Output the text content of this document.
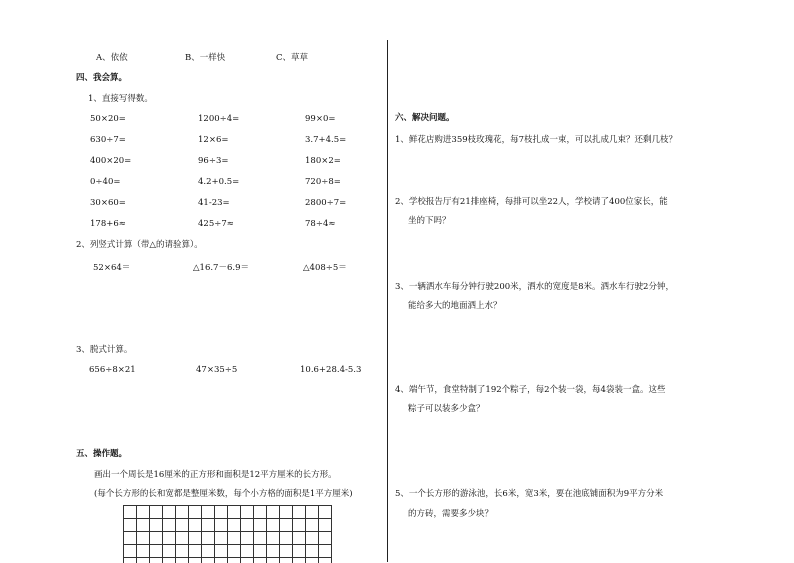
A、依依	B、一样快	C、草草
四、我会算。
1、直接写得数。
50×20=	1200÷4=	99×0=
630÷7=	12×6=	3.7+4.5=
400×20=	96÷3=	180×2=
0÷40=	4.2+0.5=	720÷8=
30×60=	41-23=	2800÷7=
178+6≈	425÷7≈	78÷4≈
2、列竖式计算（带△的请验算）。
52×64＝	△16.7－6.9＝	△408÷5＝
3、脱式计算。
656÷8×21	47×35÷5	10.6+28.4-5.3
五、操作题。
画出一个周长是16厘米的正方形和面积是12平方厘米的长方形。
(每个长方形的长和宽都是整厘米数，每个小方格的面积是1平方厘米)
六、解决问题。
1、鲜花店购进359枝玫瑰花，每7枝扎成一束，可以扎成几束？还剩几枝？
2、学校报告厅有21排座椅，每排可以坐22人，学校请了400位家长，能
坐的下吗？
3、一辆洒水车每分钟行驶200米，洒水的宽度是8米。洒水车行驶2分钟，
能给多大的地面洒上水？
4、端午节，食堂特制了192个粽子，每2个装一袋，每4袋装一盒。这些
粽子可以装多少盒？
5、一个长方形的游泳池，长6米，宽3米，要在池底铺面积为9平方分米
的方砖，需要多少块？
